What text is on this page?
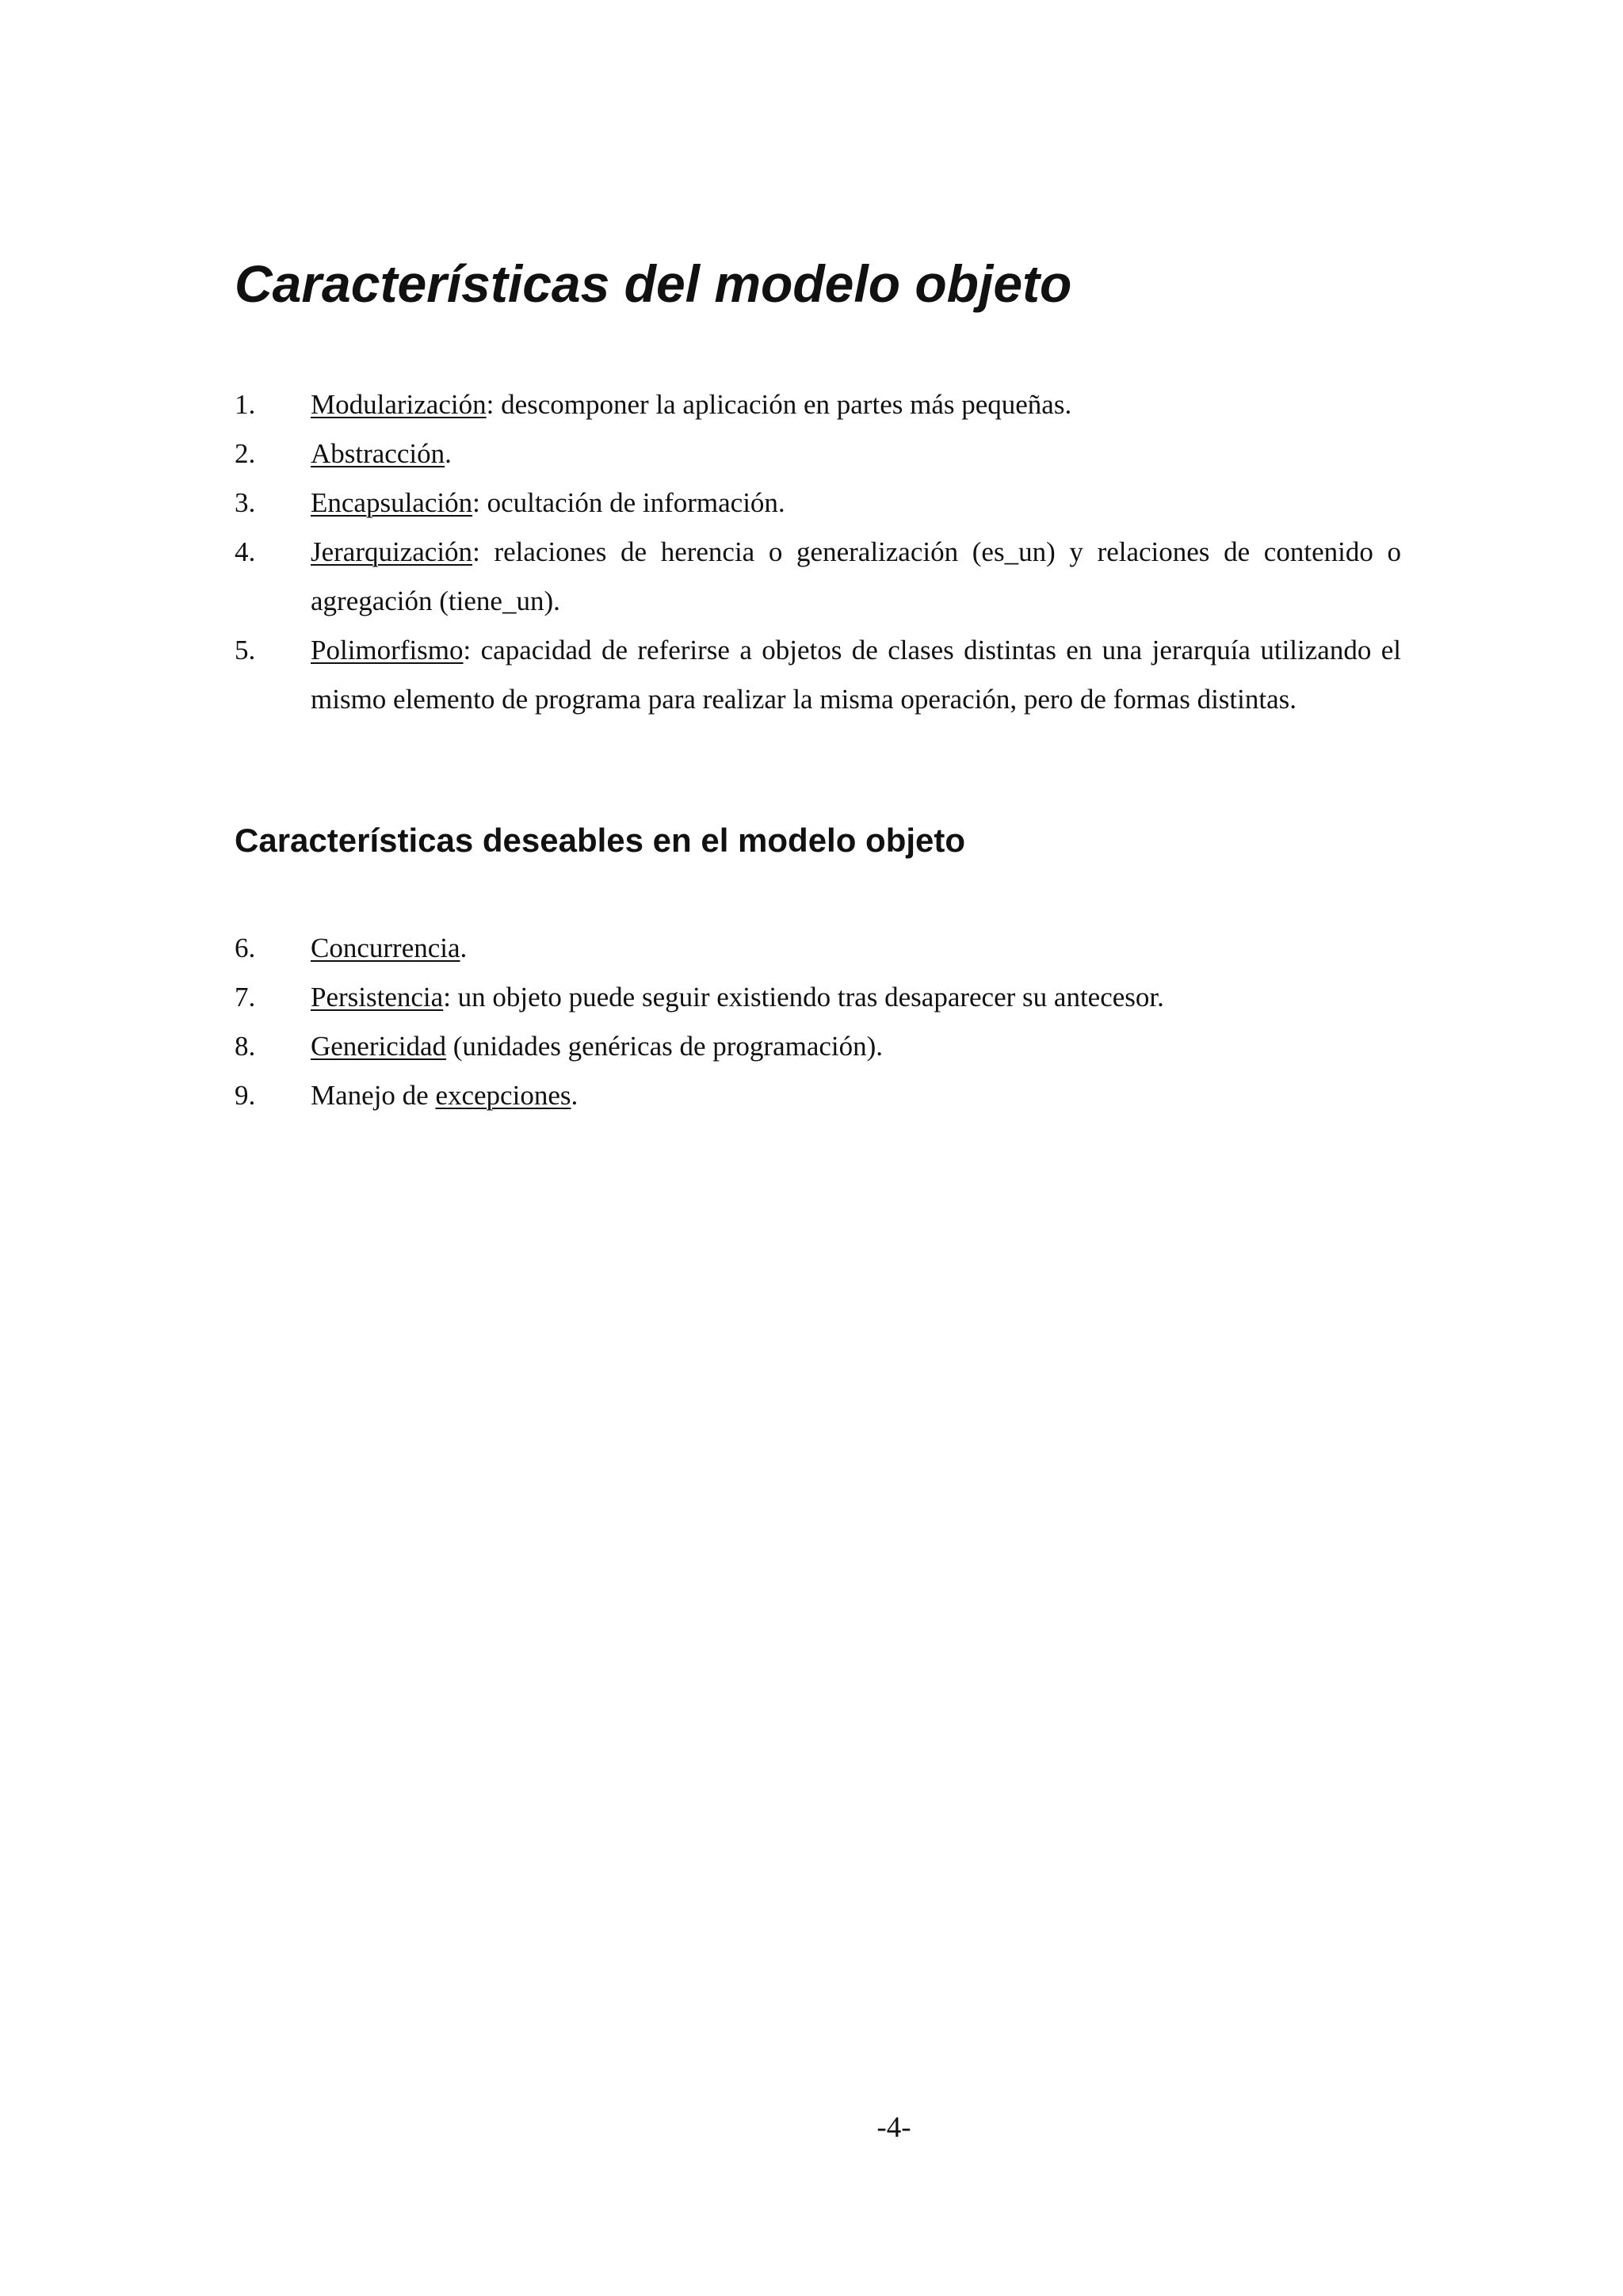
Características del modelo objeto
1. Modularización: descomponer la aplicación en partes más pequeñas.
2. Abstracción.
3. Encapsulación: ocultación de información.
4. Jerarquización: relaciones de herencia o generalización (es_un) y relaciones de contenido o agregación (tiene_un).
5. Polimorfismo: capacidad de referirse a objetos de clases distintas en una jerarquía utilizando el mismo elemento de programa para realizar la misma operación, pero de formas distintas.
Características deseables en el modelo objeto
6. Concurrencia.
7. Persistencia: un objeto puede seguir existiendo tras desaparecer su antecesor.
8. Genericidad (unidades genéricas de programación).
9. Manejo de excepciones.
-4-
